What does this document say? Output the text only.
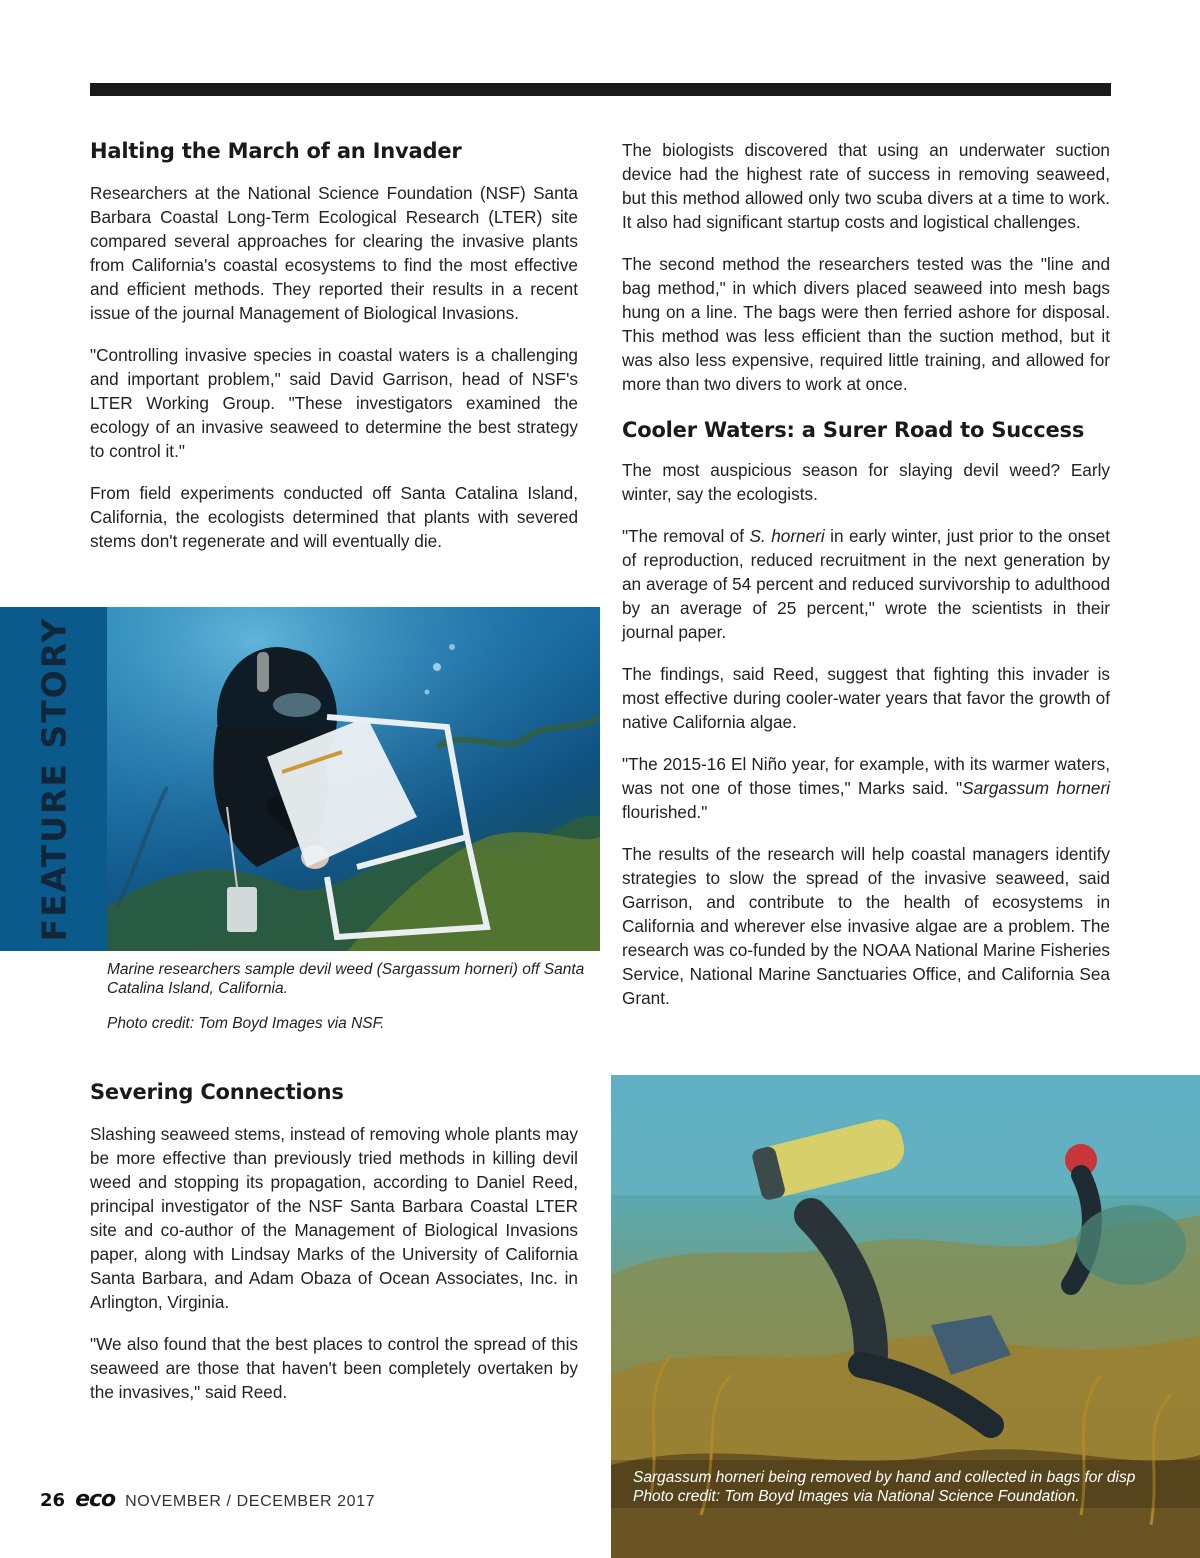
Halting the March of an Invader

Researchers at the National Science Foundation (NSF) Santa Barbara Coastal Long-Term Ecological Research (LTER) site compared several approaches for clearing the invasive plants from California's coastal ecosystems to find the most effective and efficient methods. They reported their results in a recent issue of the journal Management of Biological Invasions.

"Controlling invasive species in coastal waters is a challenging and important problem," said David Garrison, head of NSF's LTER Working Group. "These investigators examined the ecology of an invasive seaweed to determine the best strategy to control it."

From field experiments conducted off Santa Catalina Island, California, the ecologists determined that plants with severed stems don't regenerate and will eventually die.

FEATURE STORY
Marine researchers sample devil weed (Sargassum horneri) off Santa Catalina Island, California.
Photo credit: Tom Boyd Images via NSF.
Severing Connections

Slashing seaweed stems, instead of removing whole plants may be more effective than previously tried methods in killing devil weed and stopping its propagation, according to Daniel Reed, principal investigator of the NSF Santa Barbara Coastal LTER site and co-author of the Management of Biological Invasions paper, along with Lindsay Marks of the University of California Santa Barbara, and Adam Obaza of Ocean Associates, Inc. in Arlington, Virginia.

"We also found that the best places to control the spread of this seaweed are those that haven't been completely overtaken by the invasives," said Reed.

The biologists discovered that using an underwater suction device had the highest rate of success in removing seaweed, but this method allowed only two scuba divers at a time to work. It also had significant startup costs and logistical challenges.

The second method the researchers tested was the "line and bag method," in which divers placed seaweed into mesh bags hung on a line. The bags were then ferried ashore for disposal. This method was less efficient than the suction method, but it was also less expensive, required little training, and allowed for more than two divers to work at once.

Cooler Waters: a Surer Road to Success

The most auspicious season for slaying devil weed? Early winter, say the ecologists.

"The removal of S. horneri in early winter, just prior to the onset of reproduction, reduced recruitment in the next generation by an average of 54 percent and reduced survivorship to adulthood by an average of 25 percent," wrote the scientists in their journal paper.

The findings, said Reed, suggest that fighting this invader is most effective during cooler-water years that favor the growth of native California algae.

"The 2015-16 El Niño year, for example, with its warmer waters, was not one of those times," Marks said. "Sargassum horneri flourished."

The results of the research will help coastal managers identify strategies to slow the spread of the invasive seaweed, said Garrison, and contribute to the health of ecosystems in California and wherever else invasive algae are a problem. The research was co-funded by the NOAA National Marine Fisheries Service, National Marine Sanctuaries Office, and California Sea Grant.

Sargassum horneri being removed by hand and collected in bags for disp
Photo credit: Tom Boyd Images via National Science Foundation.
26 eco NOVEMBER / DECEMBER 2017
